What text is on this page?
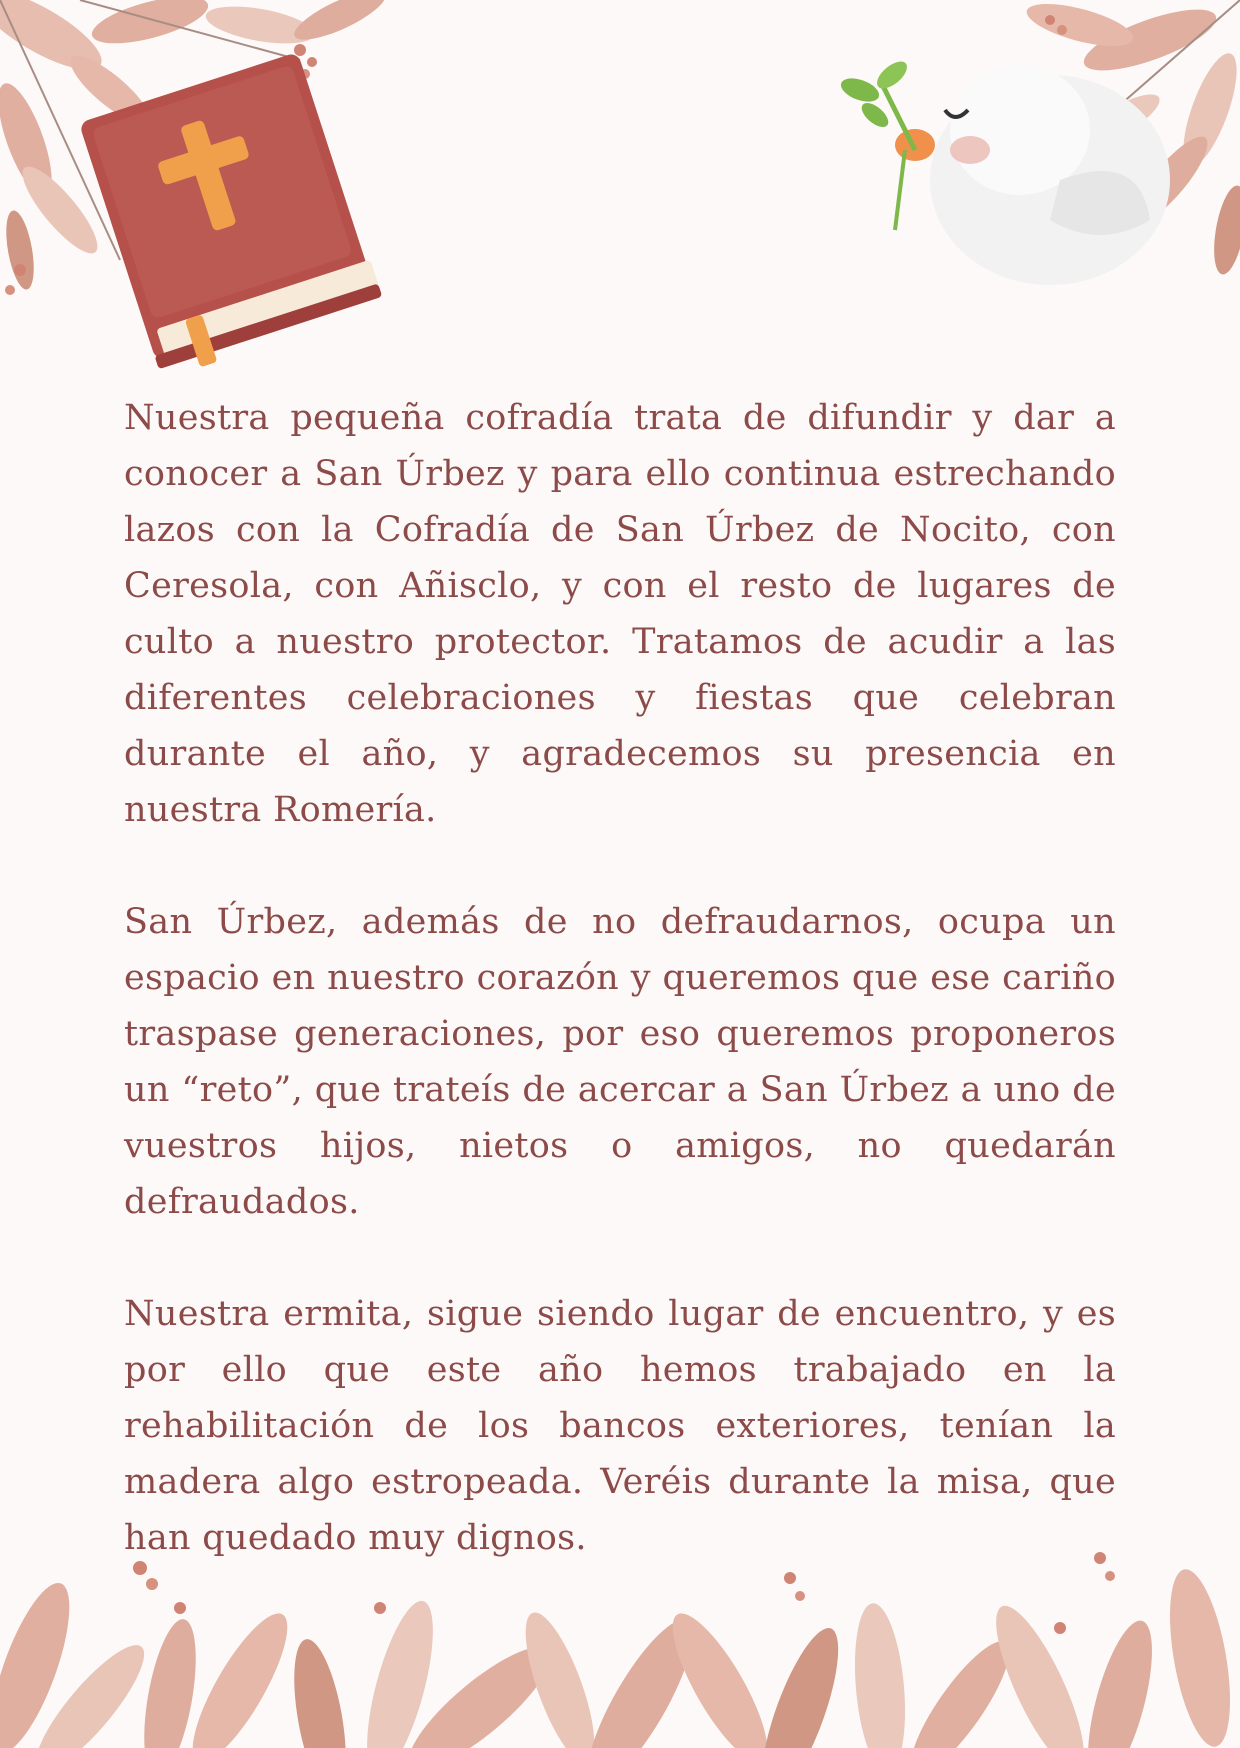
Nuestra pequeña cofradía trata de difundir y dar a conocer a San Úrbez y para ello continua estrechando lazos con la Cofradía de San Úrbez de Nocito, con Ceresola, con Añisclo, y con el resto de lugares de culto a nuestro protector. Tratamos de acudir a las diferentes celebraciones y fiestas que celebran durante el año, y agradecemos su presencia en nuestra Romería.

San Úrbez, además de no defraudarnos, ocupa un espacio en nuestro corazón y queremos que ese cariño traspase generaciones, por eso queremos proponeros un “reto”, que trateís de acercar a San Úrbez a uno de vuestros hijos, nietos o amigos, no quedarán defraudados.

Nuestra ermita, sigue siendo lugar de encuentro, y es por ello que este año hemos trabajado en la rehabilitación de los bancos exteriores, tenían la madera algo estropeada. Veréis durante la misa, que han quedado muy dignos.
